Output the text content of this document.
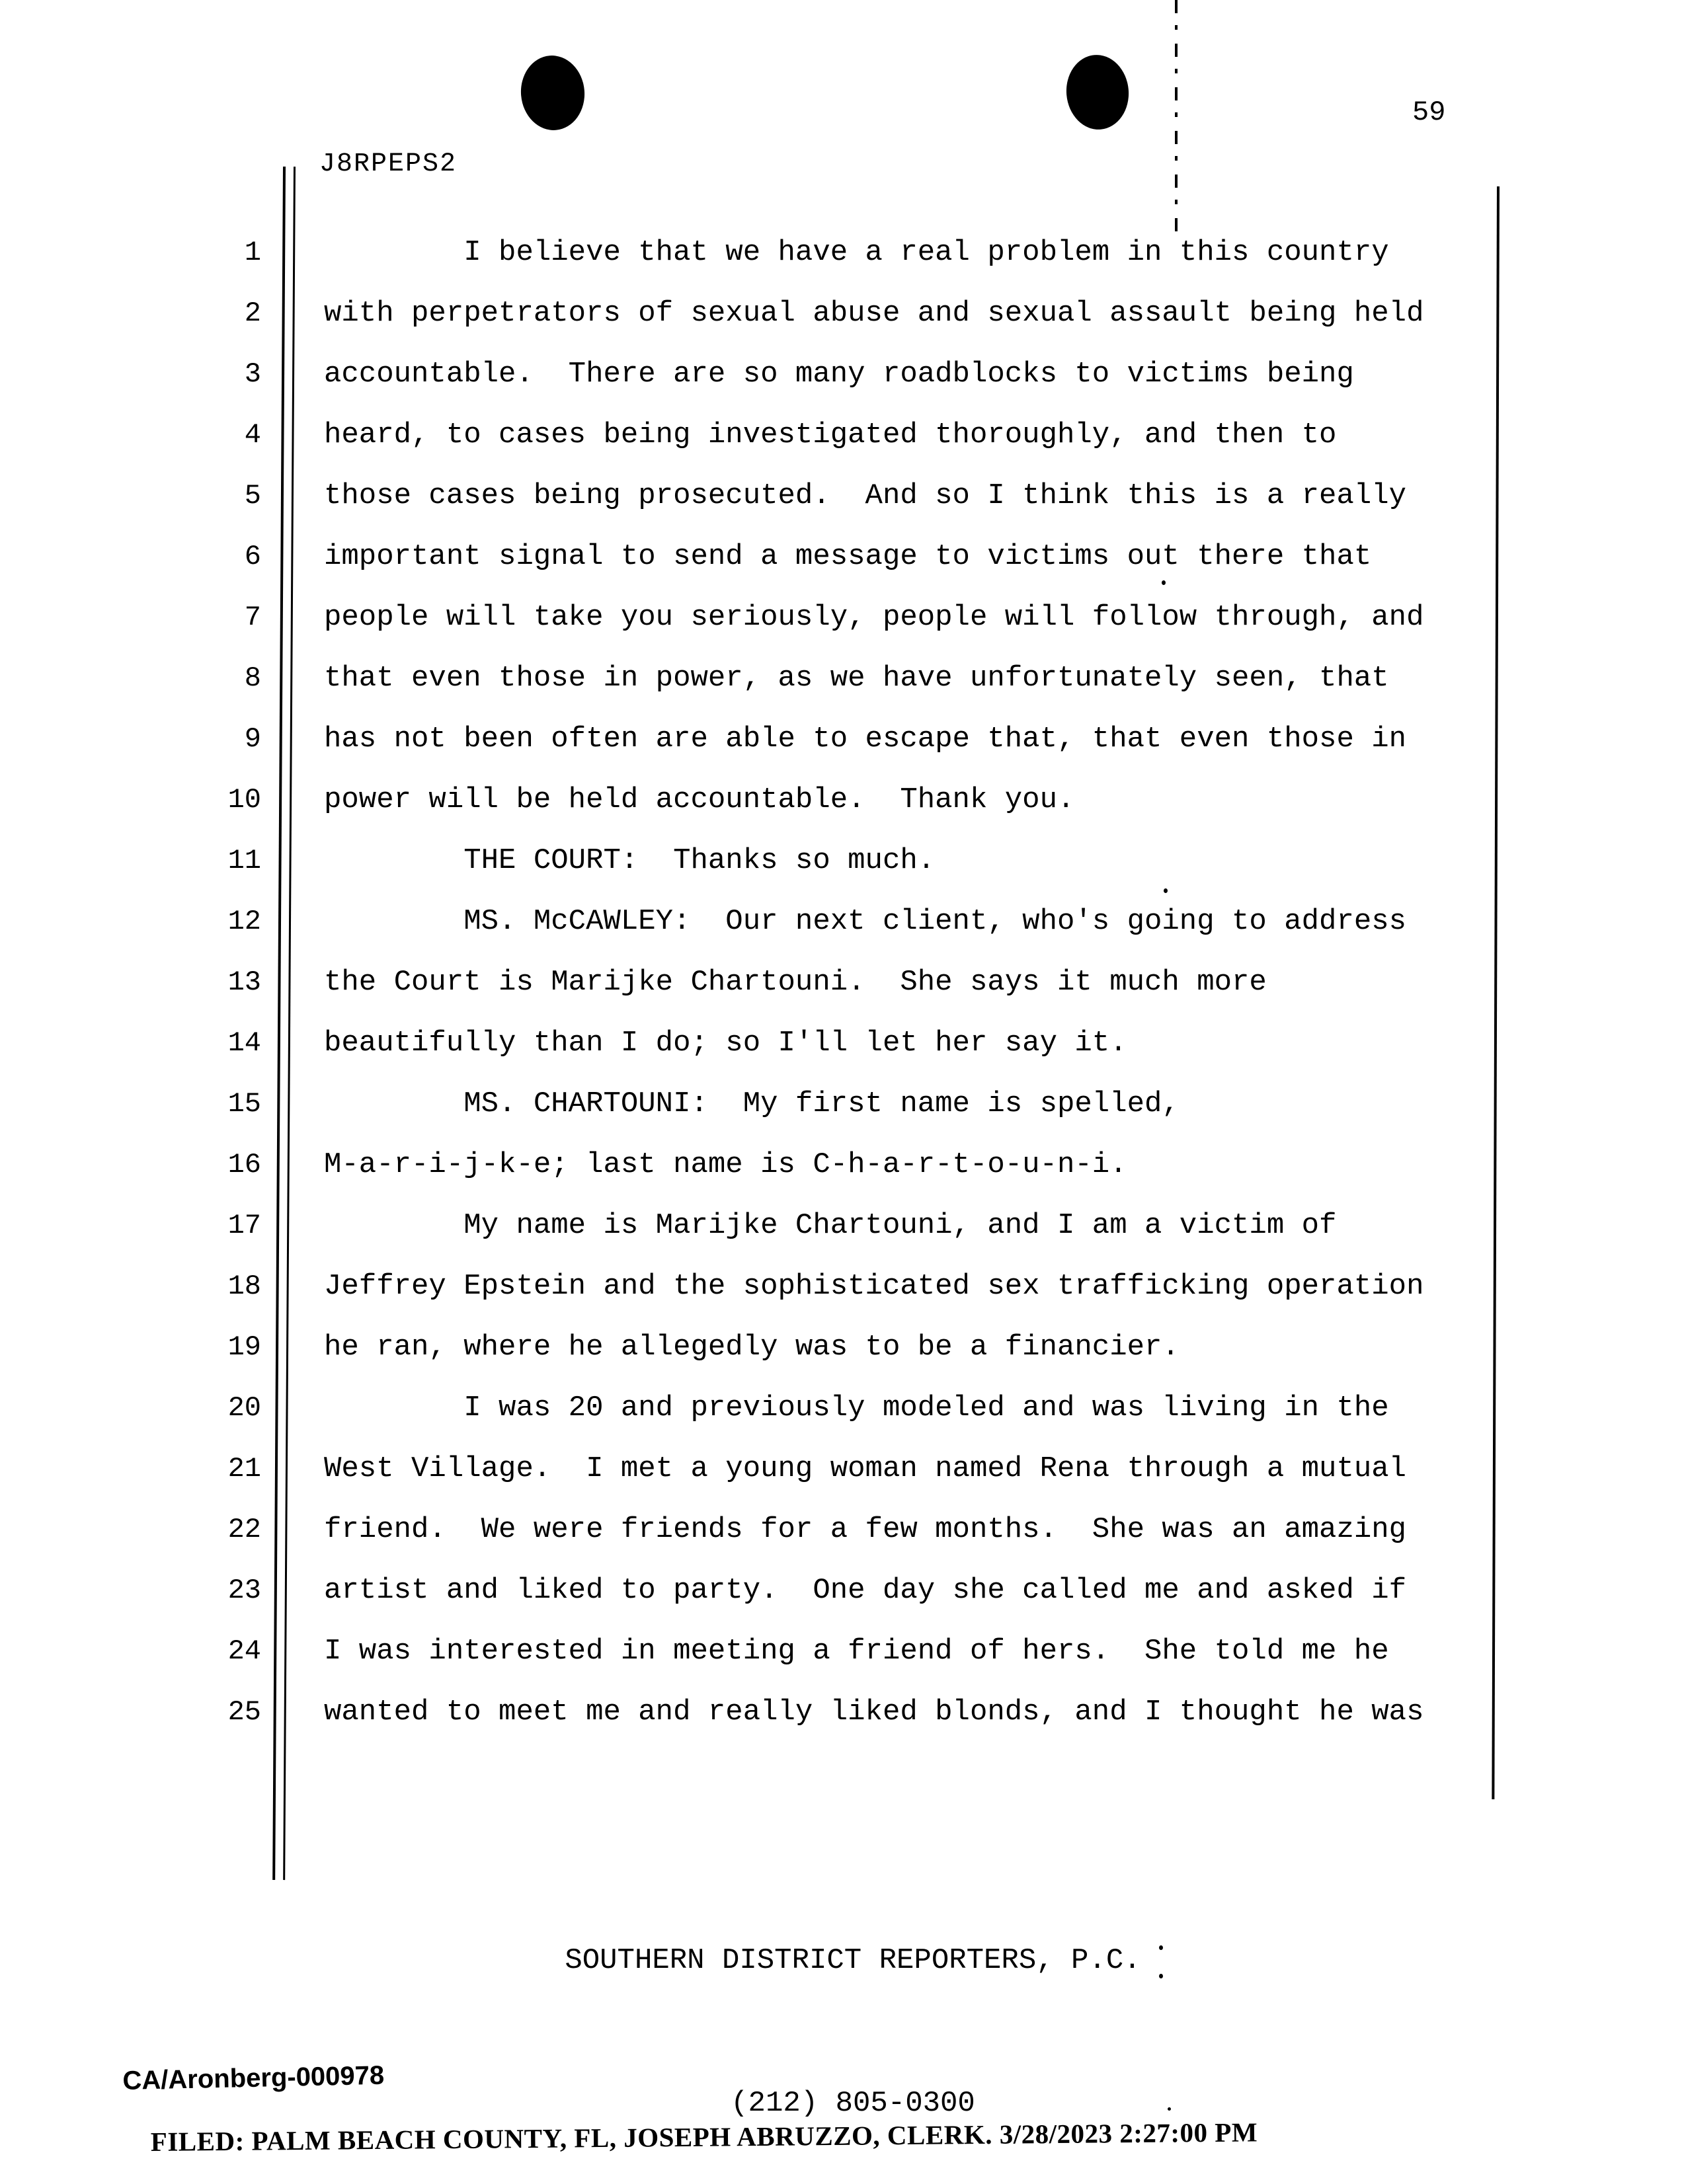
59
J8RPEPS2
1 I believe that we have a real problem in this country
2 with perpetrators of sexual abuse and sexual assault being held
3 accountable.  There are so many roadblocks to victims being
4 heard, to cases being investigated thoroughly, and then to
5 those cases being prosecuted.  And so I think this is a really
6 important signal to send a message to victims out there that
7 people will take you seriously, people will follow through, and
8 that even those in power, as we have unfortunately seen, that
9 has not been often are able to escape that, that even those in
10 power will be held accountable.  Thank you.
11 THE COURT:  Thanks so much.
12 MS. McCAWLEY:  Our next client, who's going to address
13 the Court is Marijke Chartouni.  She says it much more
14 beautifully than I do; so I'll let her say it.
15 MS. CHARTOUNI:  My first name is spelled,
16 M-a-r-i-j-k-e; last name is C-h-a-r-t-o-u-n-i.
17 My name is Marijke Chartouni, and I am a victim of
18 Jeffrey Epstein and the sophisticated sex trafficking operation
19 he ran, where he allegedly was to be a financier.
20 I was 20 and previously modeled and was living in the
21 West Village.  I met a young woman named Rena through a mutual
22 friend.  We were friends for a few months.  She was an amazing
23 artist and liked to party.  One day she called me and asked if
24 I was interested in meeting a friend of hers.  She told me he
25 wanted to meet me and really liked blonds, and I thought he was

SOUTHERN DISTRICT REPORTERS, P.C.

(212) 805-0300

CA/Aronberg-000978
FILED: PALM BEACH COUNTY, FL, JOSEPH ABRUZZO, CLERK. 3/28/2023 2:27:00 PM
